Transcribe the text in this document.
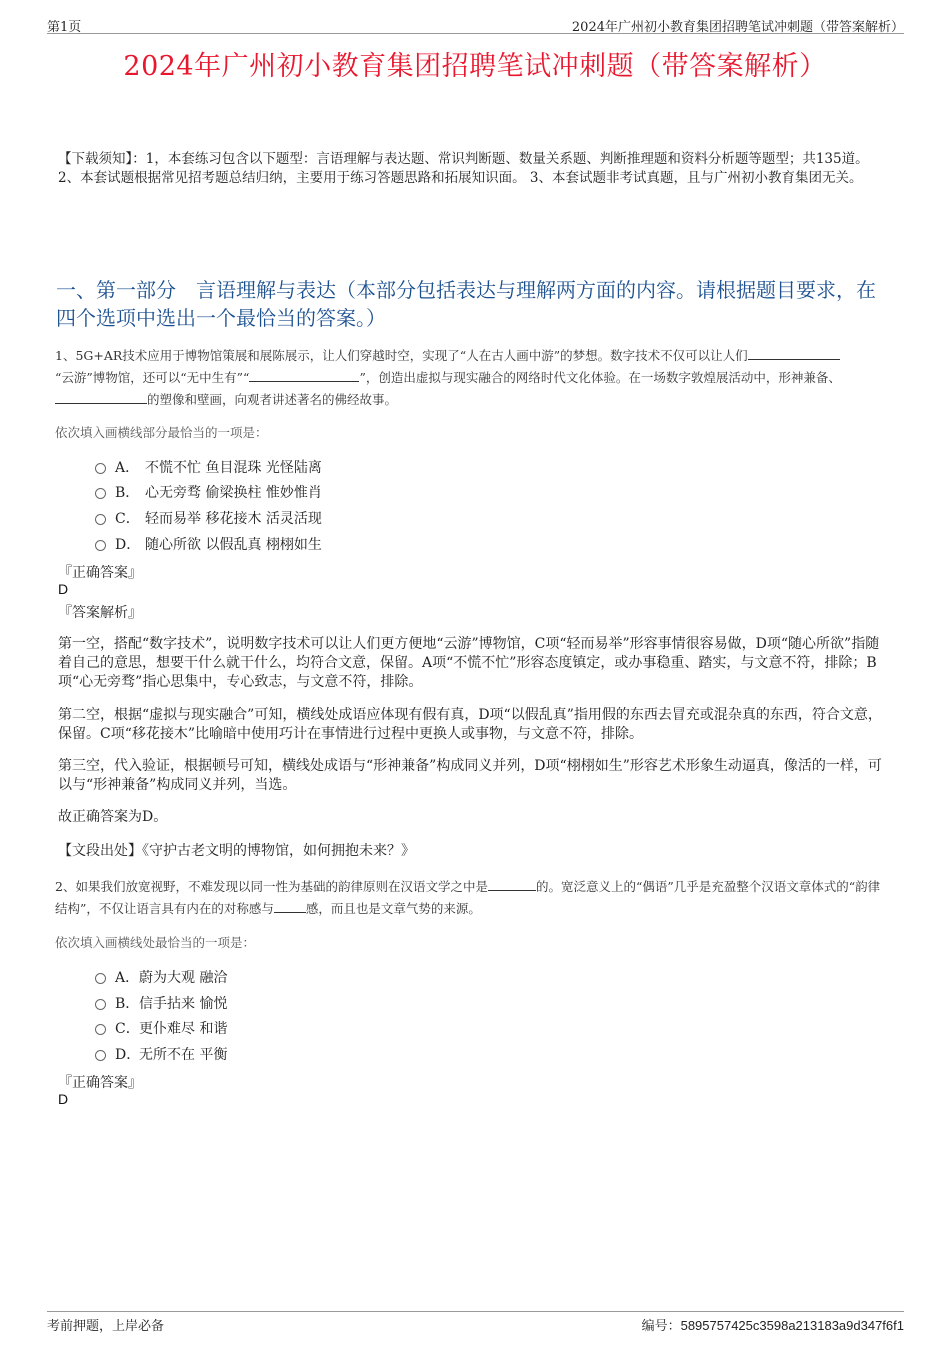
第1页	2024年广州初小教育集团招聘笔试冲刺题（带答案解析）
2024年广州初小教育集团招聘笔试冲刺题（带答案解析）
【下载须知】：1，本套练习包含以下题型：言语理解与表达题、常识判断题、数量关系题、判断推理题和资料分析题等题型；共135道。 2、本套试题根据常见招考题总结归纳，主要用于练习答题思路和拓展知识面。 3、本套试题非考试真题，且与广州初小教育集团无关。
一、第一部分　言语理解与表达（本部分包括表达与理解两方面的内容。请根据题目要求，在四个选项中选出一个最恰当的答案。）
1、5G+AR技术应用于博物馆策展和展陈展示，让人们穿越时空，实现了“人在古人画中游”的梦想。数字技术不仅可以让人们
“云游”博物馆，还可以“无中生有”“	”，创造出虚拟与现实融合的网络时代文化体验。在一场数字敦煌展活动中，形神兼备、
的塑像和壁画，向观者讲述著名的佛经故事。
依次填入画横线部分最恰当的一项是：
A． 不慌不忙 鱼目混珠 光怪陆离
B． 心无旁骛 偷梁换柱 惟妙惟肖
C． 轻而易举 移花接木 活灵活现
D． 随心所欲 以假乱真 栩栩如生
『正确答案』
D
『答案解析』
第一空，搭配“数字技术”，说明数字技术可以让人们更方便地“云游”博物馆，C项“轻而易举”形容事情很容易做，D项“随心所欲”指随着自己的意思，想要干什么就干什么，均符合文意，保留。A项“不慌不忙”形容态度镇定，或办事稳重、踏实，与文意不符，排除；B项“心无旁骛”指心思集中，专心致志，与文意不符，排除。
第二空，根据“虚拟与现实融合”可知，横线处成语应体现有假有真，D项“以假乱真”指用假的东西去冒充或混杂真的东西，符合文意，保留。C项“移花接木”比喻暗中使用巧计在事情进行过程中更换人或事物，与文意不符，排除。
第三空，代入验证，根据顿号可知，横线处成语与“形神兼备”构成同义并列，D项“栩栩如生”形容艺术形象生动逼真，像活的一样，可以与“形神兼备”构成同义并列，当选。
故正确答案为D。
【文段出处】《守护古老文明的博物馆，如何拥抱未来？》
2、如果我们放宽视野，不难发现以同一性为基础的韵律原则在汉语文学之中是	的。宽泛意义上的“偶语”几乎是充盈整个汉语文章体式的“韵律结构”，不仅让语言具有内在的对称感与	感，而且也是文章气势的来源。
依次填入画横线处最恰当的一项是：
A． 蔚为大观 融洽
B． 信手拈来 愉悦
C． 更仆难尽 和谐
D．
无所不在 平衡
『正确答案』
D
考前押题，上岸必备	编号：5895757425c3598a213183a9d347f6f1
